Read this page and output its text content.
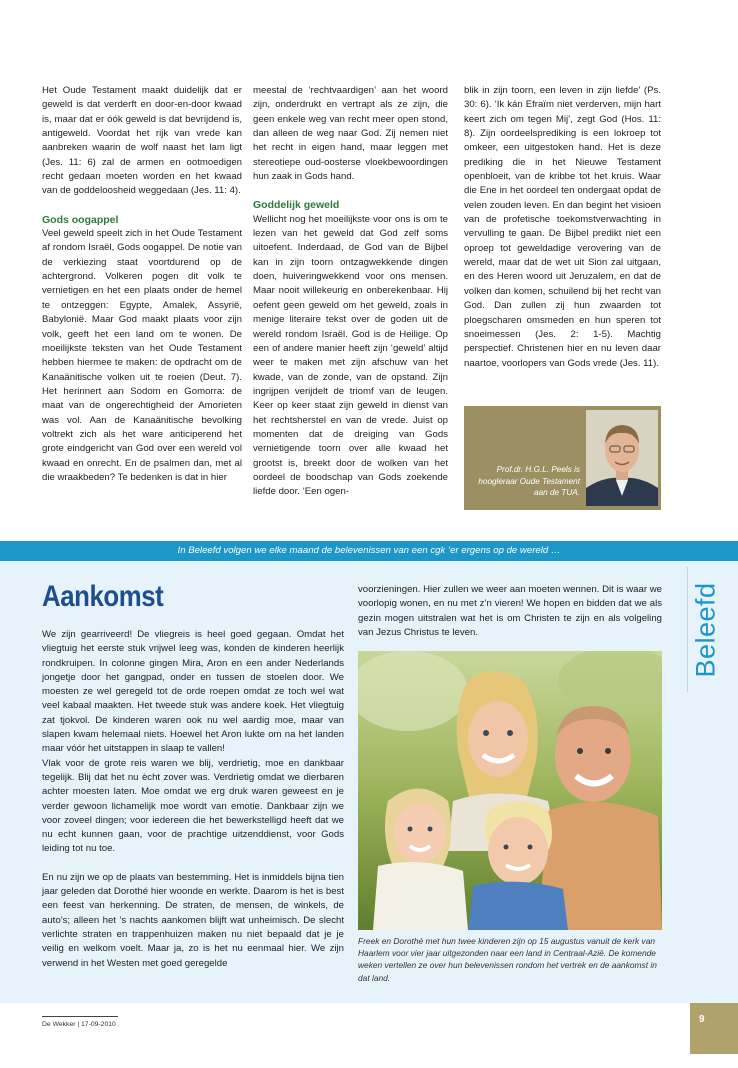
Het Oude Testament maakt duidelijk dat er geweld is dat verderft en door-en-door kwaad is, maar dat er óók geweld is dat bevrijdend is, antigeweld. Voordat het rijk van vrede kan aanbreken waarin de wolf naast het lam ligt (Jes. 11: 6) zal de armen en ootmoedigen recht gedaan moeten worden en het kwaad van de goddeloosheid weggedaan (Jes. 11: 4).

Gods oogappel

Veel geweld speelt zich in het Oude Testament af rondom Israël, Gods oogappel. De notie van de verkiezing staat voortdurend op de achtergrond. Volkeren pogen dit volk te vernietigen en het een plaats onder de hemel te ontzeggen: Egypte, Amalek, Assyrië, Babylonië. Maar God maakt plaats voor zijn volk, geeft het een land om te wonen. De moeilijkste teksten van het Oude Testament hebben hiermee te maken: de opdracht om de Kanaänitische volken uit te roeien (Deut. 7). Het herinnert aan Sodom en Gomorra: de maat van de ongerechtigheid der Amorieten was vol. Aan de Kanaänitische bevolking voltrekt zich als het ware anticiperend het grote eindgericht van God over een wereld vol kwaad en onrecht. En de psalmen dan, met al die wraakbeden? Te bedenken is dat in hier

meestal de ‘rechtvaardigen’ aan het woord zijn, onderdrukt en vertrapt als ze zijn, die geen enkele weg van recht meer open stond, dan alleen de weg naar God. Zij nemen niet het recht in eigen hand, maar leggen met stereotiepe oud-oosterse vloekbewoordingen hun zaak in Gods hand.

Goddelijk geweld

Wellicht nog het moeilijkste voor ons is om te lezen van het geweld dat God zelf soms uitoefent. Inderdaad, de God van de Bijbel kan in zijn toorn ontzagwekkende dingen doen, huiveringwekkend voor ons mensen. Maar nooit willekeurig en onberekenbaar. Hij oefent geen geweld om het geweld, zoals in menige literaire tekst over de goden uit de wereld rondom Israël. God is de Heilige. Op een of andere manier heeft zijn ‘geweld’ altijd weer te maken met zijn afschuw van het kwade, van de zonde, van de opstand. Zijn ingrijpen verijdelt de triomf van de leugen. Keer op keer staat zijn geweld in dienst van het rechtsherstel en van de vrede. Juist op momenten dat de dreiging van Gods vernietigende toorn over alle kwaad het grootst is, breekt door de wolken van het oordeel de boodschap van Gods zoekende liefde door. ‘Een ogen-

blik in zijn toorn, een leven in zijn liefde’ (Ps. 30: 6). ‘Ik kán Efraïm niet verderven, mijn hart keert zich om tegen Mij’, zegt God (Hos. 11: 8). Zijn oordeelsprediking is een lokroep tot omkeer, een uitgestoken hand. Het is deze prediking die in het Nieuwe Testament openbloeit, van de kribbe tot het kruis. Waar die Ene in het oordeel ten ondergaat opdat de velen zouden leven. En dan begint het visioen van de profetische toekomstverwachting in vervulling te gaan. De Bijbel predikt niet een oproep tot geweldadige verovering van de wereld, maar dat de wet uit Sion zal uitgaan, en des Heren woord uit Jeruzalem, en dat de volken dan komen, schuilend bij het recht van God. Dan zullen zij hun zwaarden tot ploegscharen omsmeden en hun speren tot snoeimessen (Jes. 2: 1-5). Machtig perspectief. Christenen hier en nu leven daar naartoe, voorlopers van Gods vrede (Jes. 11).

Prof.dr. H.G.L. Peels is hoogleraar Oude Testament aan de TUA.
In Beleefd volgen we elke maand de belevenissen van een cgk ‘er ergens op de wereld …
Beleefd
Aankomst

We zijn gearriveerd! De vliegreis is heel goed gegaan. Omdat het vliegtuig het eerste stuk vrijwel leeg was, konden de kinderen heerlijk rondkruipen. In colonne gingen Mira, Aron en een ander Nederlands jongetje door het gangpad, onder en tussen de stoelen door. We moesten ze wel geregeld tot de orde roepen omdat ze toch wel wat veel kabaal maakten. Het tweede stuk was andere koek. Het vliegtuig zat tjokvol. De kinderen waren ook nu wel aardig moe, maar van slapen kwam helemaal niets. Hoewel het Aron lukte om na het landen maar vóór het uitstappen in slaap te vallen!

Vlak voor de grote reis waren we blij, verdrietig, moe en dankbaar tegelijk. Blij dat het nu ècht zover was. Verdrietig omdat we dierbaren achter moesten laten. Moe omdat we erg druk waren geweest en je verder gewoon lichamelijk moe wordt van emotie. Dankbaar zijn we voor zoveel dingen; voor iedereen die het bewerkstelligd heeft dat we nu echt kunnen gaan, voor de prachtige uitzenddienst, voor Gods leiding tot nu toe.

En nu zijn we op de plaats van bestemming. Het is inmiddels bijna tien jaar geleden dat Dorothé hier woonde en werkte. Daarom is het is best een feest van herkenning. De straten, de mensen, de winkels, de auto’s; alleen het ’s nachts aankomen blijft wat unheimisch. De slecht verlichte straten en trappenhuizen maken nu niet bepaald dat je je veilig en welkom voelt. Maar ja, zo is het nu eenmaal hier. We zijn verwend in het Westen met goed geregelde

voorzieningen. Hier zullen we weer aan moeten wennen. Dit is waar we voorlopig wonen, en nu met z’n vieren! We hopen en bidden dat we als gezin mogen uitstralen wat het is om Christen te zijn en als volgeling van Jezus Christus te leven.

Freek en Dorothé met hun twee kinderen zijn op 15 augustus vanuit de kerk van Haarlem voor vier jaar uitgezonden naar een land in Centraal-Azië. De komende weken vertellen ze over hun belevenissen rondom het vertrek en de aankomst in dat land.
De Wekker | 17-09-2010	9
